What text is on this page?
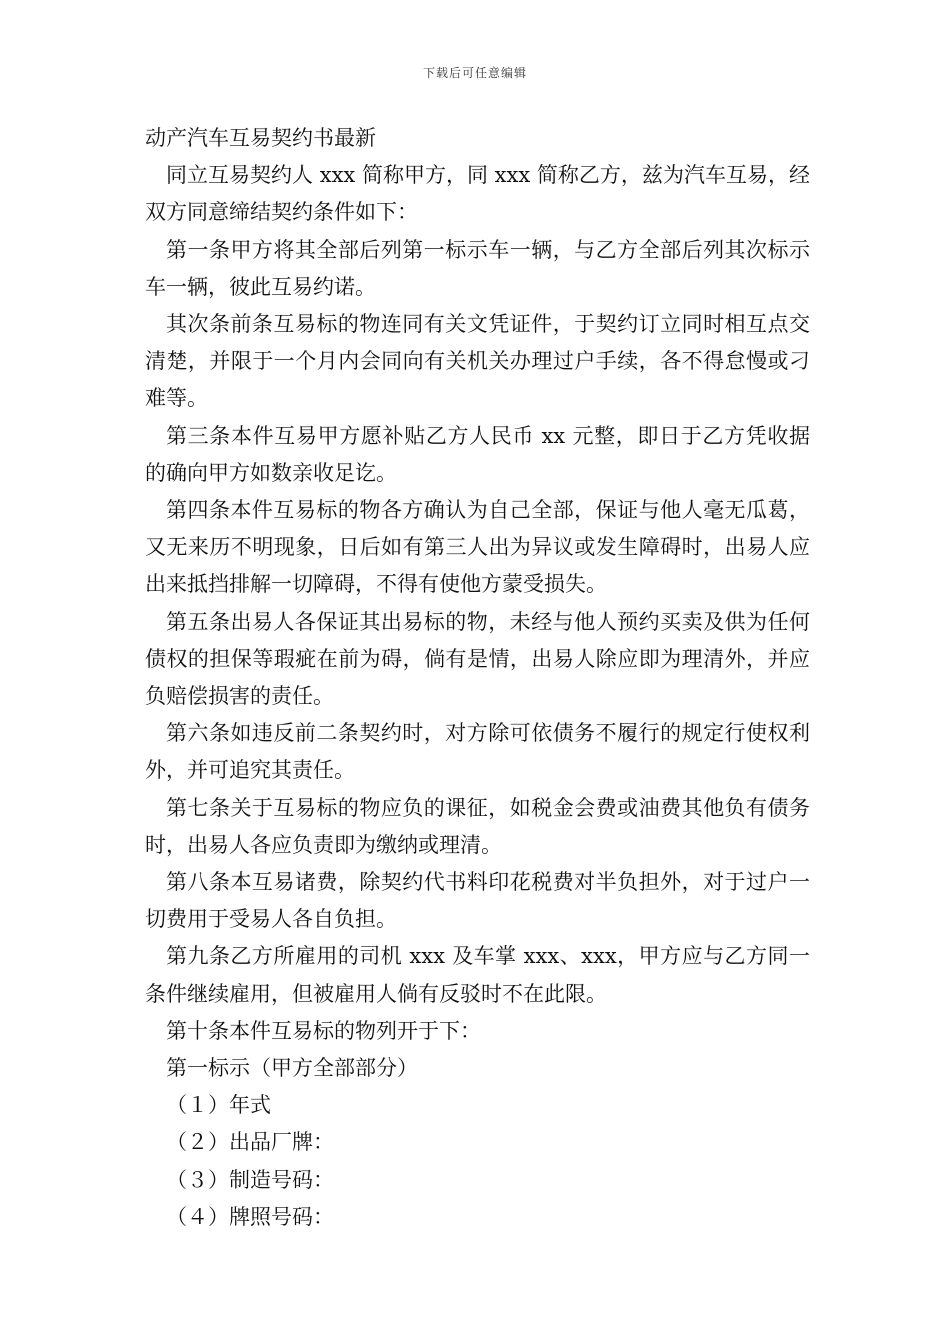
下载后可任意编辑
动产汽车互易契约书最新

同立互易契约人 xxx 简称甲方，同 xxx 简称乙方，兹为汽车互易，经双方同意缔结契约条件如下：

第一条甲方将其全部后列第一标示车一辆，与乙方全部后列其次标示车一辆，彼此互易约诺。

其次条前条互易标的物连同有关文凭证件，于契约订立同时相互点交清楚，并限于一个月内会同向有关机关办理过户手续，各不得怠慢或刁难等。

第三条本件互易甲方愿补贴乙方人民币 xx 元整，即日于乙方凭收据的确向甲方如数亲收足讫。

第四条本件互易标的物各方确认为自己全部，保证与他人毫无瓜葛，又无来历不明现象，日后如有第三人出为异议或发生障碍时，出易人应出来抵挡排解一切障碍，不得有使他方蒙受损失。

第五条出易人各保证其出易标的物，未经与他人预约买卖及供为任何债权的担保等瑕疵在前为碍，倘有是情，出易人除应即为理清外，并应负赔偿损害的责任。

第六条如违反前二条契约时，对方除可依债务不履行的规定行使权利外，并可追究其责任。

第七条关于互易标的物应负的课征，如税金会费或油费其他负有债务时，出易人各应负责即为缴纳或理清。

第八条本互易诸费，除契约代书料印花税费对半负担外，对于过户一切费用于受易人各自负担。

第九条乙方所雇用的司机 xxx 及车掌 xxx、xxx，甲方应与乙方同一条件继续雇用，但被雇用人倘有反驳时不在此限。

第十条本件互易标的物列开于下：

第一标示（甲方全部部分）

（１）年式

（２）出品厂牌：

（３）制造号码：

（４）牌照号码：
